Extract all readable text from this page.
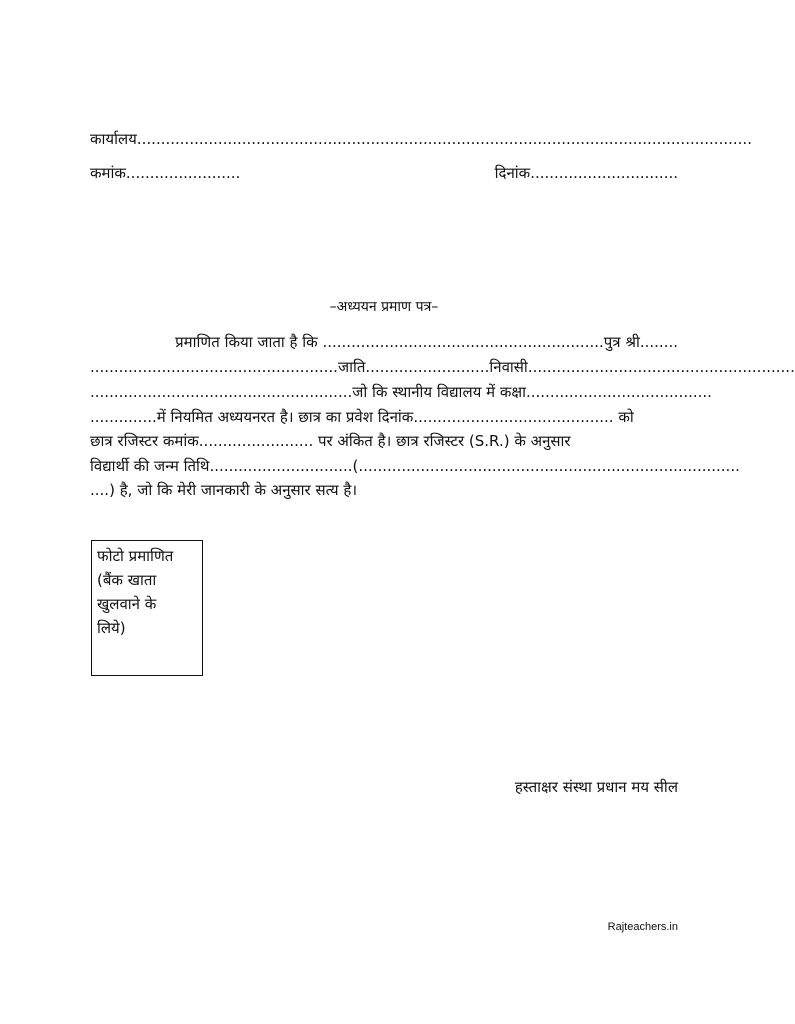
कार्यालय.................................................................................................................................
कमांक........................	दिनांक...............................
–अध्ययन प्रमाण पत्र–
प्रमाणित किया जाता है कि ...........................................................पुत्र श्री........
....................................................जाति..........................निवासी........................................................
.......................................................जो कि स्थानीय विद्यालय में कक्षा.......................................
..............में नियमित अध्ययनरत है। छात्र का प्रवेश दिनांक.......................................... को
छात्र रजिस्टर कमांक........................ पर अंकित है। छात्र रजिस्टर (S.R.) के अनुसार
विद्यार्थी की जन्म तिथि..............................(................................................................................
....) है, जो कि मेरी जानकारी के अनुसार सत्य है।
फोटो प्रमाणित
(बैंक खाता
खुलवाने के
लिये)
हस्ताक्षर संस्था प्रधान मय सील
Rajteachers.in
